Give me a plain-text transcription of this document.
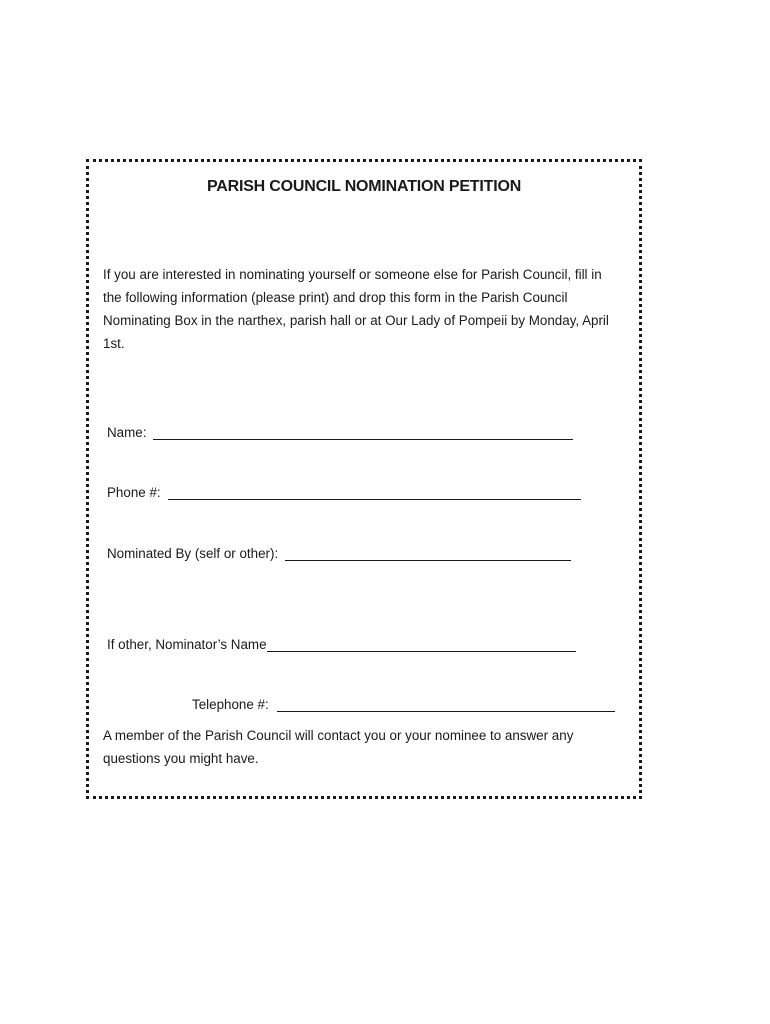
PARISH COUNCIL NOMINATION PETITION
If you are interested in nominating yourself or someone else for Parish Council, fill in the following information (please print) and drop this form in the Parish Council Nominating Box in the narthex, parish hall or at Our Lady of Pompeii by Monday, April 1st.
Name:
Phone #:
Nominated By (self or other):
If other, Nominator’s Name
Telephone #:
A member of the Parish Council will contact you or your nominee to answer any questions you might have.
